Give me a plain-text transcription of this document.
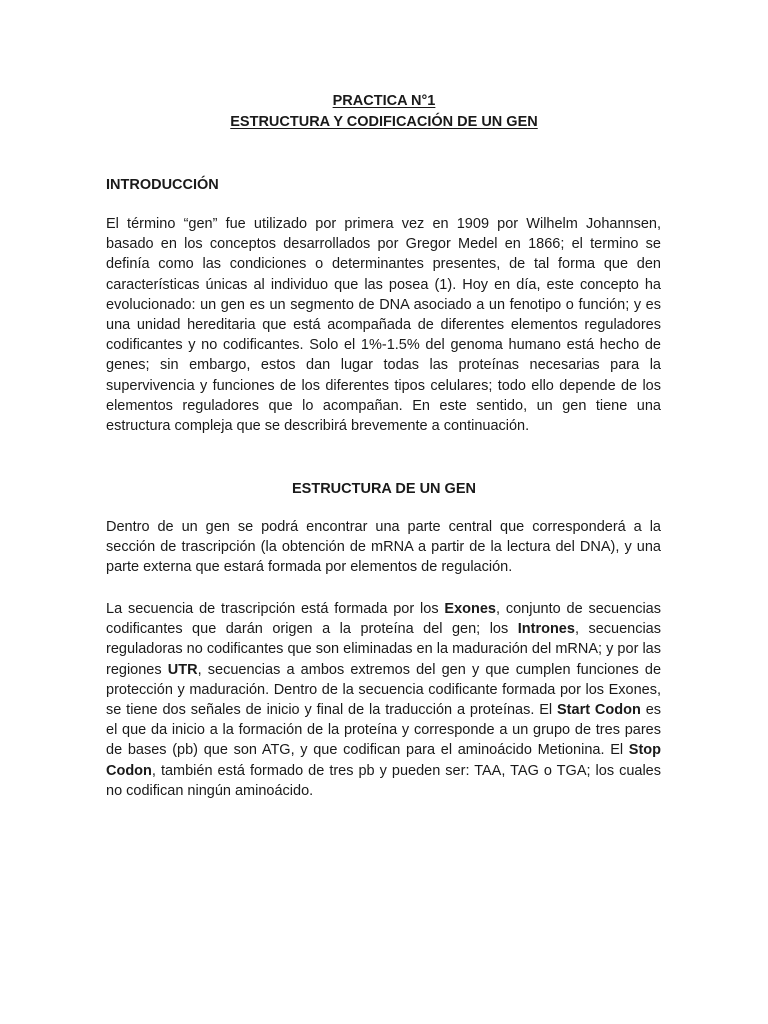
PRACTICA N°1
ESTRUCTURA Y CODIFICACIÓN DE UN GEN
INTRODUCCIÓN

El término “gen” fue utilizado por primera vez en 1909 por Wilhelm Johannsen, basado en los conceptos desarrollados por Gregor Medel en 1866; el termino se definía como las condiciones o determinantes presentes, de tal forma que den características únicas al individuo que las posea (1). Hoy en día, este concepto ha evolucionado: un gen es un segmento de DNA asociado a un fenotipo o función; y es una unidad hereditaria que está acompañada de diferentes elementos reguladores codificantes y no codificantes. Solo el 1%-1.5% del genoma humano está hecho de genes; sin embargo, estos dan lugar todas las proteínas necesarias para la supervivencia y funciones de los diferentes tipos celulares; todo ello depende de los elementos reguladores que lo acompañan. En este sentido, un gen tiene una estructura compleja que se describirá brevemente a continuación.

ESTRUCTURA DE UN GEN

Dentro de un gen se podrá encontrar una parte central que corresponderá a la sección de trascripción (la obtención de mRNA a partir de la lectura del DNA), y una parte externa que estará formada por elementos de regulación.

La secuencia de trascripción está formada por los Exones, conjunto de secuencias codificantes que darán origen a la proteína del gen; los Intrones, secuencias reguladoras no codificantes que son eliminadas en la maduración del mRNA; y por las regiones UTR, secuencias a ambos extremos del gen y que cumplen funciones de protección y maduración. Dentro de la secuencia codificante formada por los Exones, se tiene dos señales de inicio y final de la traducción a proteínas. El Start Codon es el que da inicio a la formación de la proteína y corresponde a un grupo de tres pares de bases (pb) que son ATG, y que codifican para el aminoácido Metionina. El Stop Codon, también está formado de tres pb y pueden ser: TAA, TAG o TGA; los cuales no codifican ningún aminoácido.
